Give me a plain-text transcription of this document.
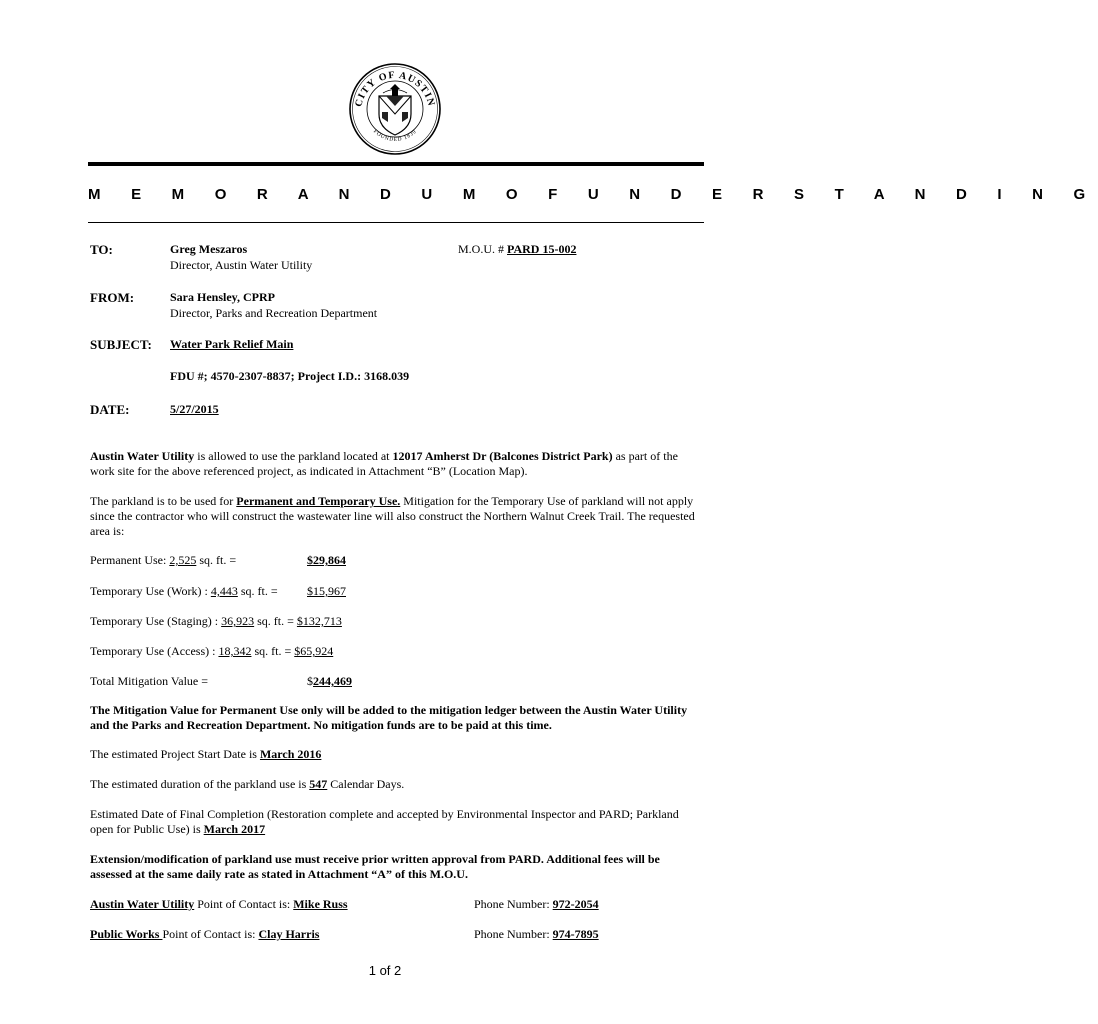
CITY OF AUSTIN
FOUNDED 1839
M E M O R A N D U M O F U N D E R S T A N D I N G
TO:	Greg Meszaros
Director, Austin Water Utility
M.O.U. # PARD 15-002
FROM:	Sara Hensley, CPRP
Director, Parks and Recreation Department
SUBJECT: Water Park Relief Main
FDU #; 4570-2307-8837; Project I.D.: 3168.039
DATE:	5/27/2015
Austin Water Utility is allowed to use the parkland located at 12017 Amherst Dr (Balcones District Park) as part of the work site for the above referenced project, as indicated in Attachment “B” (Location Map).
The parkland is to be used for Permanent and Temporary Use. Mitigation for the Temporary Use of parkland will not apply since the contractor who will construct the wastewater line will also construct the Northern Walnut Creek Trail. The requested area is:
Permanent Use: 2,525 sq. ft. =	$29,864
Temporary Use (Work) : 4,443 sq. ft. = $15,967
Temporary Use (Staging) : 36,923 sq. ft. = $132,713
Temporary Use (Access) : 18,342 sq. ft. = $65,924
Total Mitigation Value =	$244,469
The Mitigation Value for Permanent Use only will be added to the mitigation ledger between the Austin Water Utility and the Parks and Recreation Department. No mitigation funds are to be paid at this time.
The estimated Project Start Date is March 2016
The estimated duration of the parkland use is 547 Calendar Days.
Estimated Date of Final Completion (Restoration complete and accepted by Environmental Inspector and PARD; Parkland open for Public Use) is March 2017
Extension/modification of parkland use must receive prior written approval from PARD. Additional fees will be assessed at the same daily rate as stated in Attachment “A” of this M.O.U.
Austin Water Utility Point of Contact is: Mike Russ	Phone Number: 972-2054
Public Works Point of Contact is: Clay Harris	Phone Number: 974-7895
1 of 2
